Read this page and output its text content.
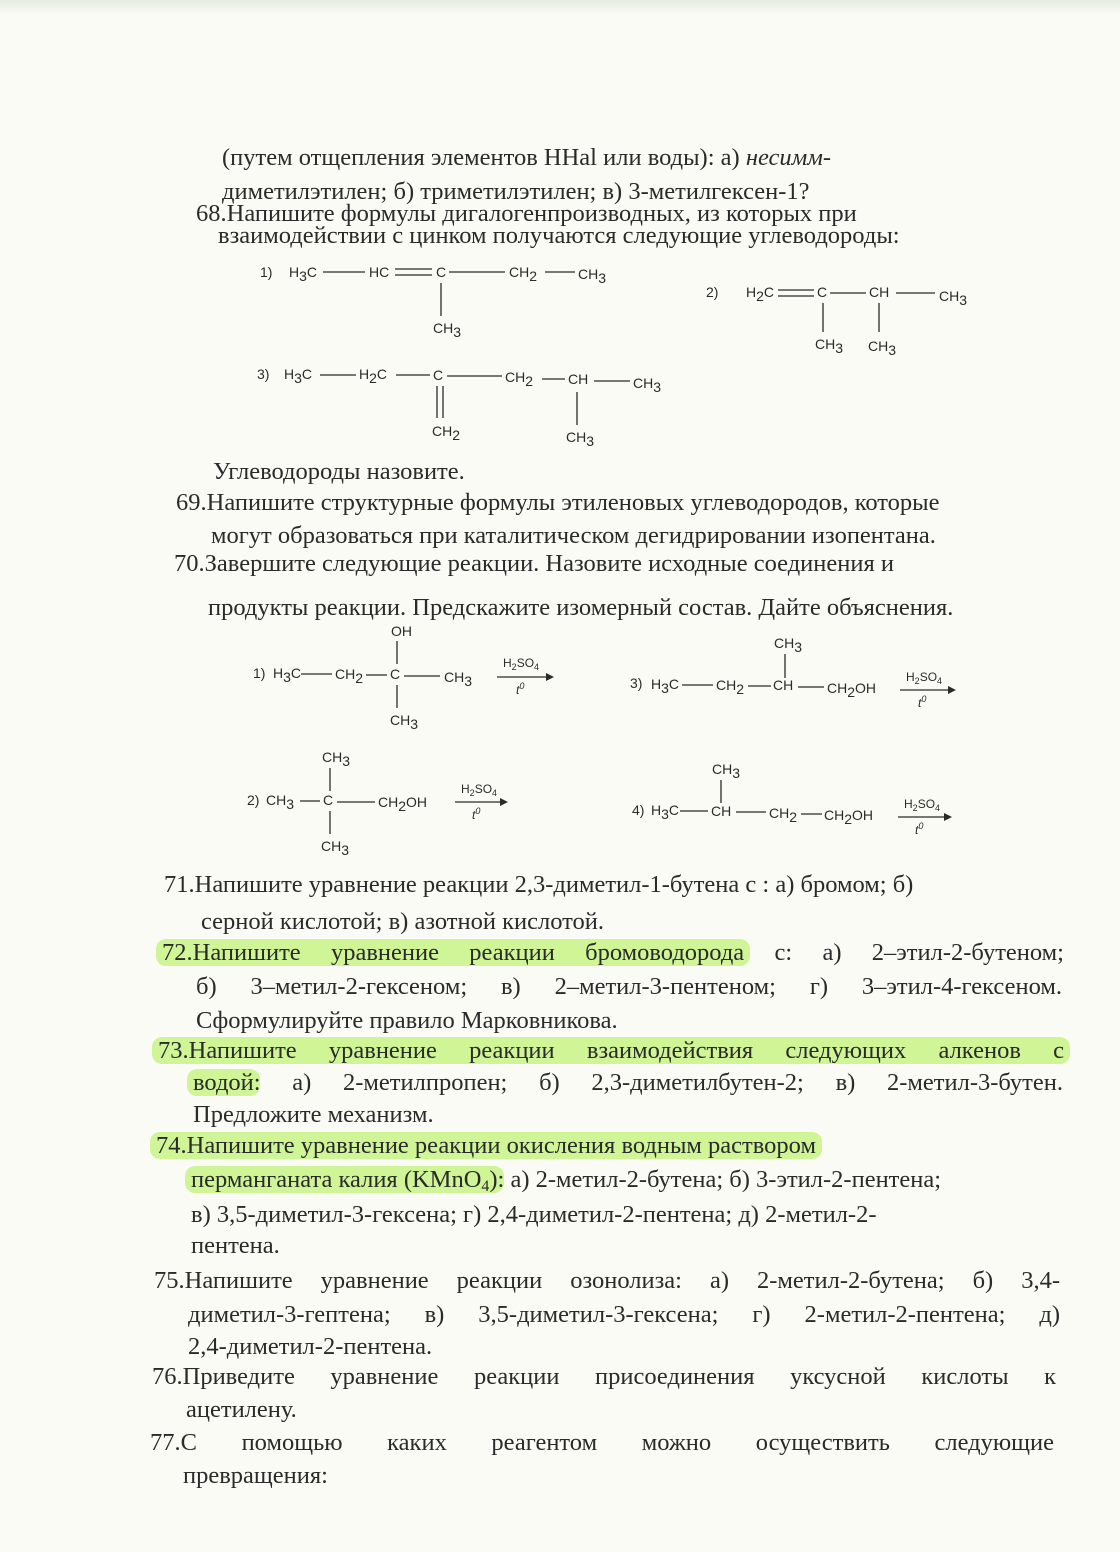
(путем отщепления элементов HHal или воды): а) несимм-
диметилэтилен; б) триметилэтилен; в) 3-метилгексен-1?
68.Напишите формулы дигалогенпроизводных, из которых при
взаимодействии с цинком получаются следующие углеводороды:
1) H3C	HC	C	CH2	CH3
CH3
2) H2C	C	CH	CH3
CH3 CH3
3) H3C	H2C	C	CH2 CH	CH3
CH2	CH3
1) H3C CH2 C	CH3
OH
CH3
$H_2SO_4$
$t^0$	3) H3C	CH2 CH CH2OH
CH3
$H_2SO_4$
$t^0$
2) CH3 C	CH2OH
CH3
CH3
$H_2SO_4$
$t^0$	4) H3C CH	CH2 CH2OH
CH3
$H_2SO_4$
$t^0$
Углеводороды назовите.
69.Напишите структурные формулы этиленовых углеводородов, которые
могут образоваться при каталитическом дегидрировании изопентана.
70.Завершите следующие реакции. Назовите исходные соединения и
продукты реакции. Предскажите изомерный состав. Дайте объяснения.
71.Напишите уравнение реакции 2,3-диметил-1-бутена с : а) бромом; б)
серной кислотой; в) азотной кислотой.
72.Напишите уравнение реакции бромоводорода с: а) 2–этил-2-бутеном;
б) 3–метил-2-гексеном; в) 2–метил-3-пентеном; г) 3–этил-4-гексеном.
Сформулируйте правило Марковникова.
73.Напишите уравнение реакции взаимодействия следующих алкенов с
водой: а) 2-метилпропен; б) 2,3-диметилбутен-2; в) 2-метил-3-бутен.
Предложите механизм.
74.Напишите уравнение реакции окисления водным раствором
перманганата калия (KMnO$_4$): а) 2-метил-2-бутена; б) 3-этил-2-пентена;
в) 3,5-диметил-3-гексена; г) 2,4-диметил-2-пентена; д) 2-метил-2-
пентена.
75.Напишите уравнение реакции озонолиза: а) 2-метил-2-бутена; б) 3,4-
диметил-3-гептена; в) 3,5-диметил-3-гексена; г) 2-метил-2-пентена; д)
2,4-диметил-2-пентена.
76.Приведите уравнение реакции присоединения уксусной кислоты к
ацетилену.
77.С помощью каких реагентом можно осуществить следующие
превращения:
